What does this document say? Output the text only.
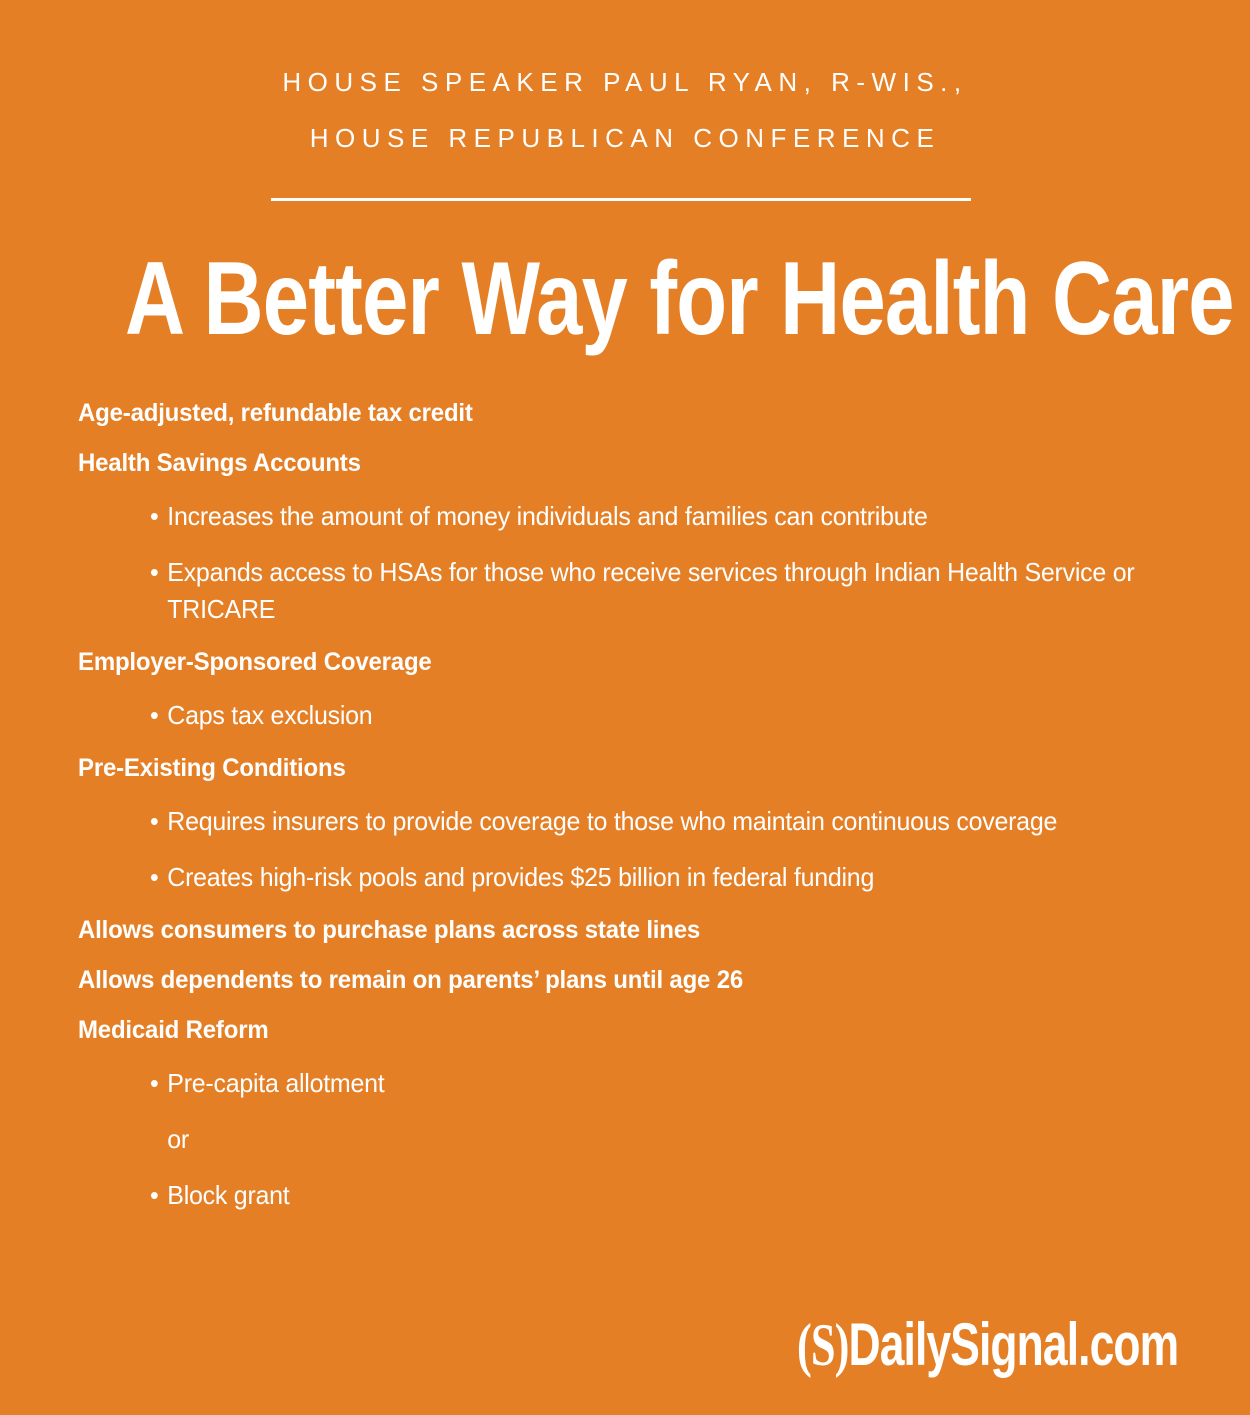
HOUSE SPEAKER PAUL RYAN, R-WIS.,
HOUSE REPUBLICAN CONFERENCE
A Better Way for Health Care
Age-adjusted, refundable tax credit
Health Savings Accounts
• Increases the amount of money individuals and families can contribute
• Expands access to HSAs for those who receive services through Indian Health Service or TRICARE
Employer-Sponsored Coverage
• Caps tax exclusion
Pre-Existing Conditions
• Requires insurers to provide coverage to those who maintain continuous coverage
• Creates high-risk pools and provides $25 billion in federal funding
Allows consumers to purchase plans across state lines
Allows dependents to remain on parents’ plans until age 26
Medicaid Reform
• Pre-capita allotment
or
• Block grant
(S)DailySignal.com
